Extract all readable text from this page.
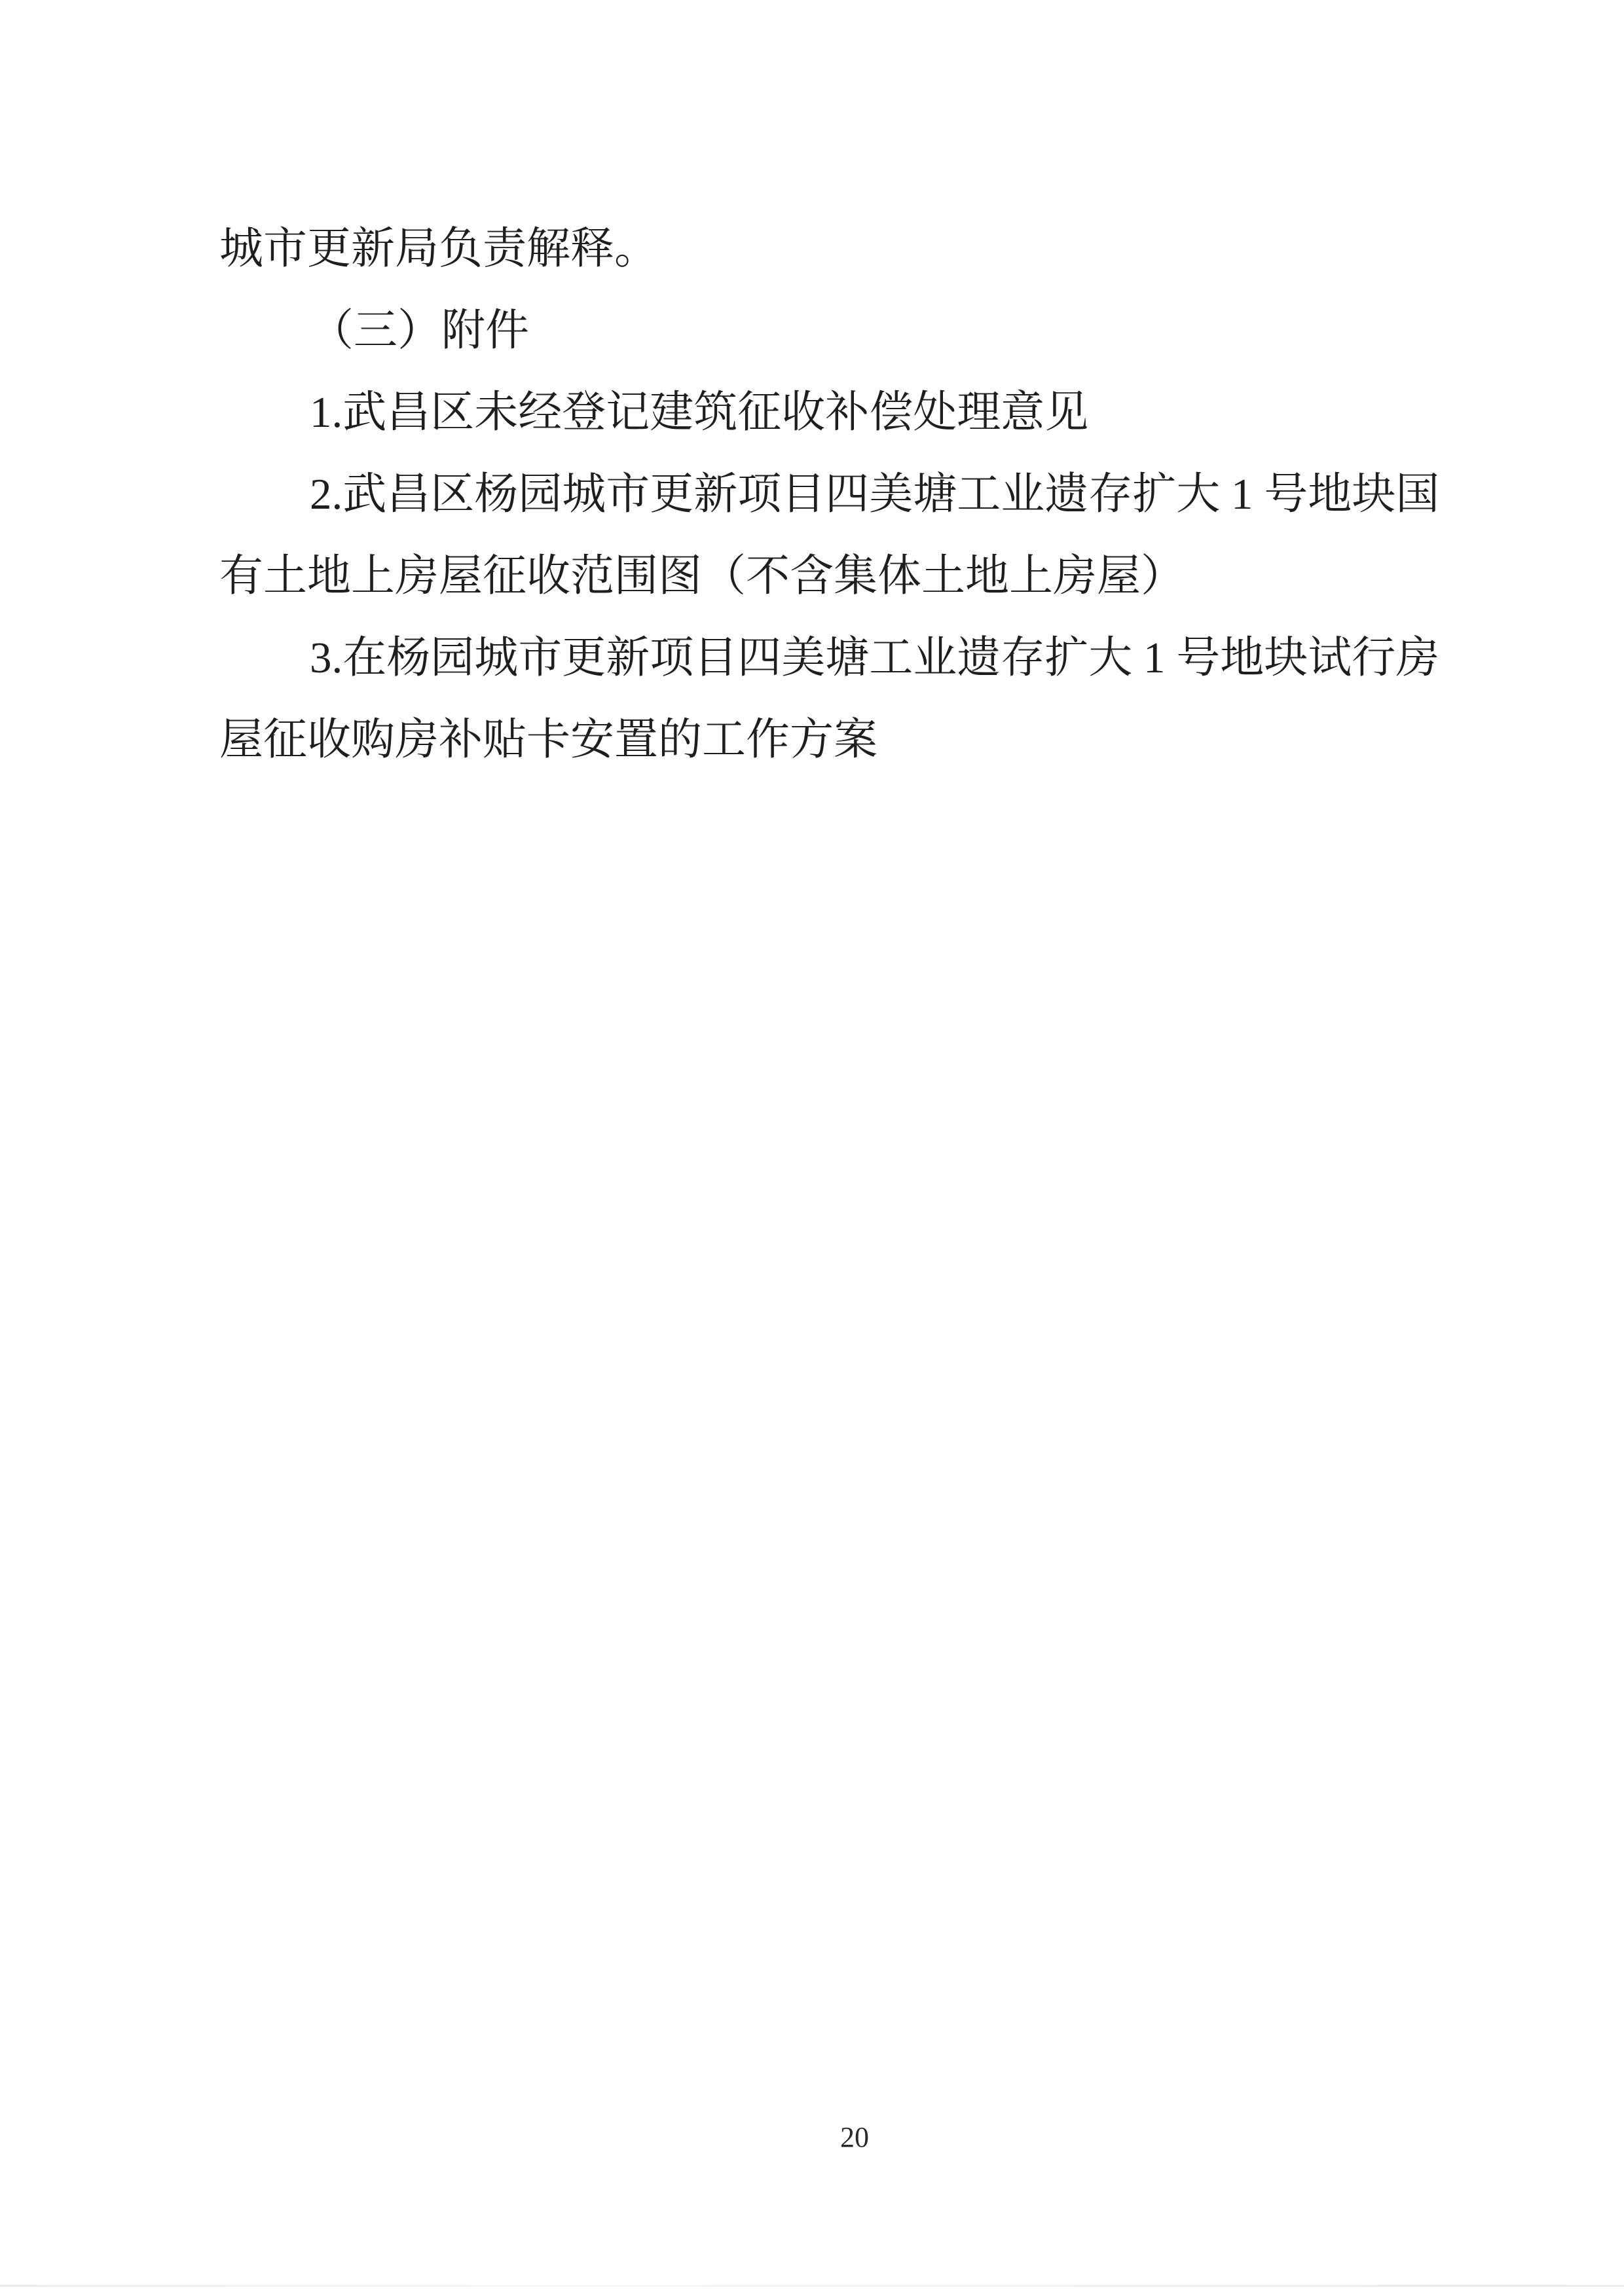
城市更新局负责解释。
（三）附件
1.武昌区未经登记建筑征收补偿处理意见
2.武昌区杨园城市更新项目四美塘工业遗存扩大 1 号地块国
有土地上房屋征收范围图（不含集体土地上房屋）
3.在杨园城市更新项目四美塘工业遗存扩大 1 号地块试行房
屋征收购房补贴卡安置的工作方案
20
